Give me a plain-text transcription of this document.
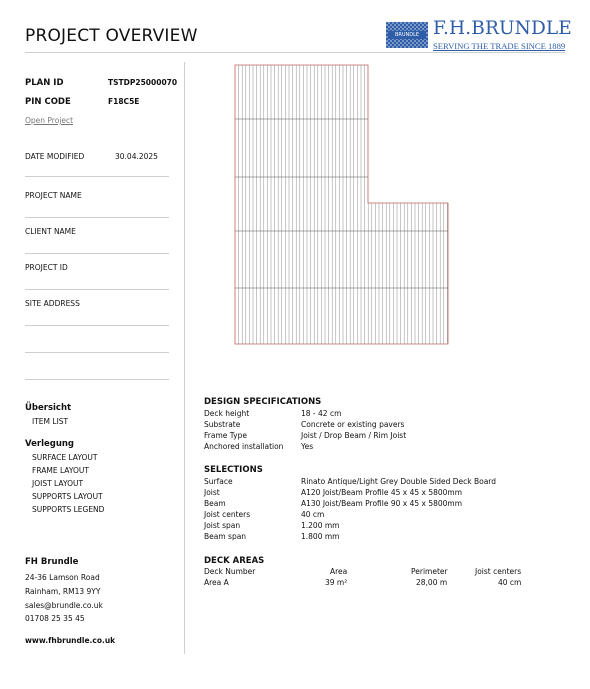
PROJECT OVERVIEW	BRUNDLE F.H.BRUNDLE
SERVING THE TRADE SINCE 1889
PLAN ID	TSTDP25000070
PIN CODE	F18C5E
Open Project
DATE MODIFIED	30.04.2025
PROJECT NAME
CLIENT NAME
PROJECT ID
SITE ADDRESS
Übersicht
ITEM LIST
Verlegung
SURFACE LAYOUT
FRAME LAYOUT
JOIST LAYOUT
SUPPORTS LAYOUT
SUPPORTS LEGEND
FH Brundle
24-36 Lamson Road
Rainham, RM13 9YY
sales@brundle.co.uk
01708 25 35 45
www.fhbrundle.co.uk
DESIGN SPECIFICATIONS
Deck height	18 - 42 cm
Substrate	Concrete or existing pavers
Frame Type	Joist / Drop Beam / Rim Joist
Anchored installation Yes
SELECTIONS
Surface	Rinato Antique/Light Grey Double Sided Deck Board
Joist	A120 Joist/Beam Profile 45 x 45 x 5800mm
Beam	A130 Joist/Beam Profile 90 x 45 x 5800mm
Joist centers	40 cm
Joist span	1.200 mm
Beam span	1.800 mm
DECK AREAS
Deck Number	Area	Perimeter	Joist centers
Area A	39 m²	28,00 m	40 cm
